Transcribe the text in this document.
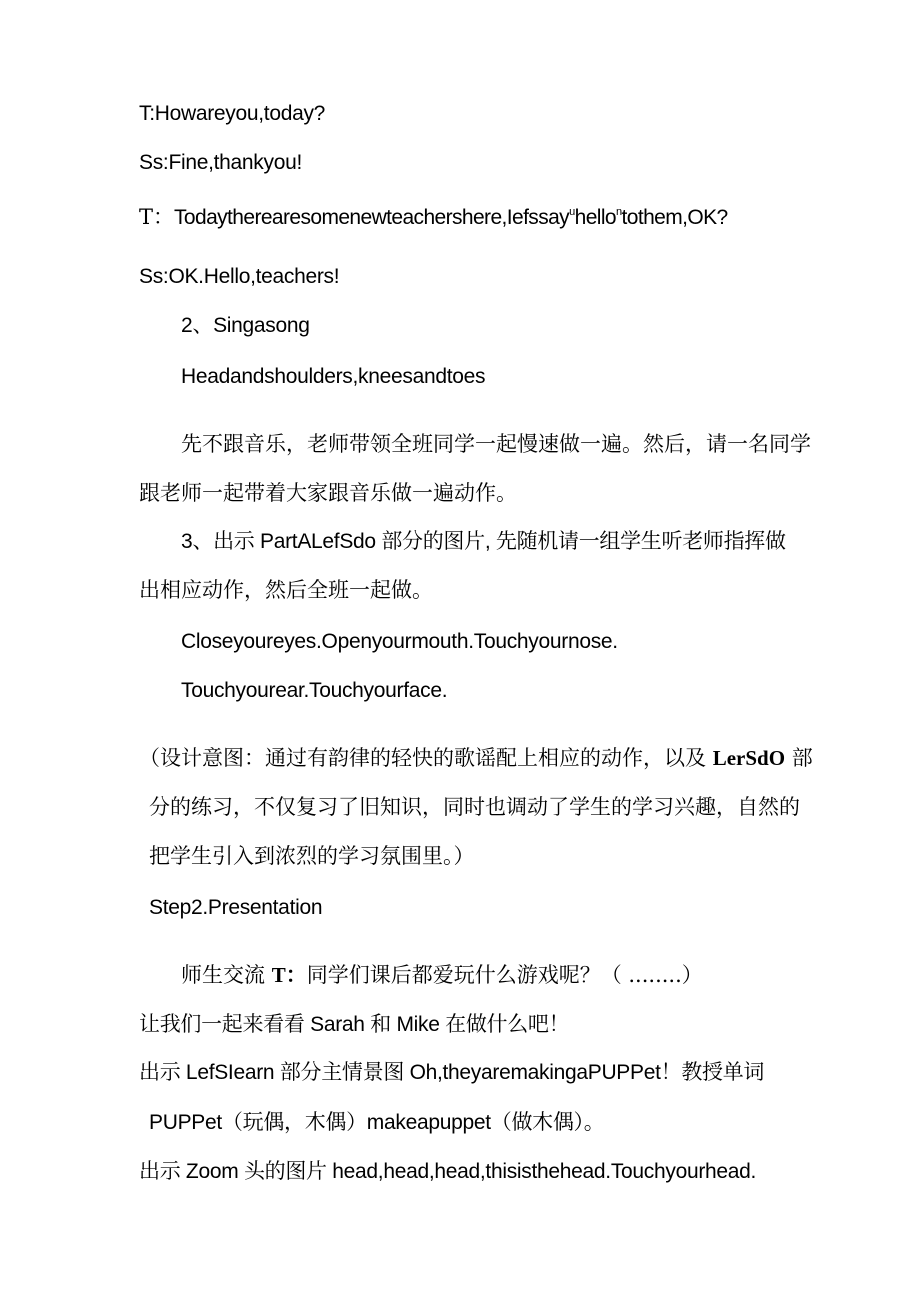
T:Howareyou,today?
Ss:Fine,thankyou!
T：Todaytherearesomenewteachershere,Iefssay$^u$hello$^n$tothem,OK?
Ss:OK.Hello,teachers!
2、Singasong
Headandshoulders,kneesandtoes
先不跟音乐，老师带领全班同学一起慢速做一遍。然后，请一名同学
跟老师一起带着大家跟音乐做一遍动作。
3、出示 PartALefSdo 部分的图片, 先随机请一组学生听老师指挥做
出相应动作，然后全班一起做。
Closeyoureyes.Openyourmouth.Touchyournose.
Touchyourear.Touchyourface.
（设计意图：通过有韵律的轻快的歌谣配上相应的动作，以及 LerSdO 部
分的练习，不仅复习了旧知识，同时也调动了学生的学习兴趣，自然的
把学生引入到浓烈的学习氛围里。）
Step2.Presentation
师生交流 T：同学们课后都爱玩什么游戏呢？（ ........）
让我们一起来看看 Sarah 和 Mike 在做什么吧！
出示 LefSIearn 部分主情景图 Oh,theyaremakingaPUPPet！教授单词
PUPPet（玩偶，木偶）makeapuppet（做木偶）。
出示 Zoom 头的图片 head,head,head,thisisthehead.Touchyourhead.
